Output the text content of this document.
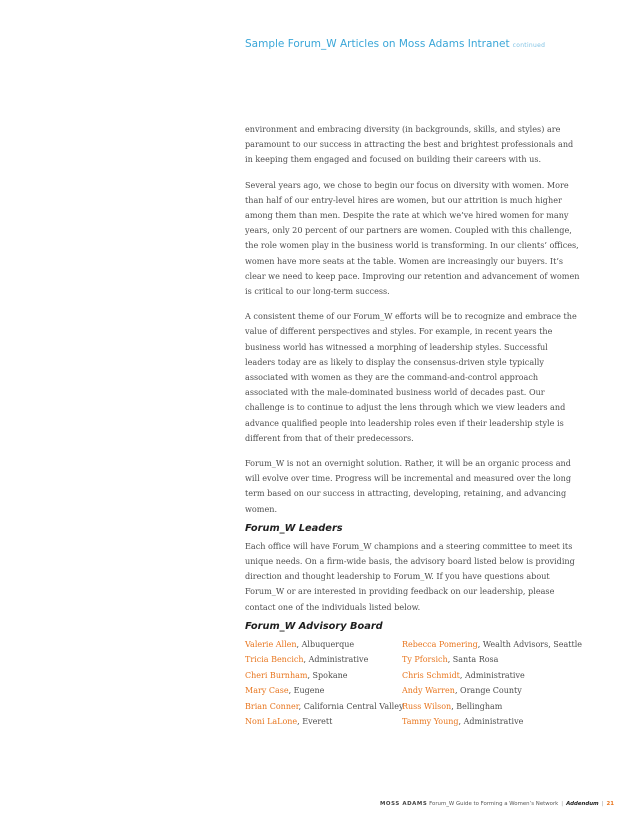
Sample Forum_W Articles on Moss Adams Intranet continued

environment and embracing diversity (in backgrounds, skills, and styles) are paramount to our success in attracting the best and brightest professionals and in keeping them engaged and focused on building their careers with us.

Several years ago, we chose to begin our focus on diversity with women. More than half of our entry-level hires are women, but our attrition is much higher among them than men. Despite the rate at which we’ve hired women for many years, only 20 percent of our partners are women. Coupled with this challenge, the role women play in the business world is transforming. In our clients’ offices, women have more seats at the table. Women are increasingly our buyers. It’s clear we need to keep pace. Improving our retention and advancement of women is critical to our long-term success.

A consistent theme of our Forum_W efforts will be to recognize and embrace the value of different perspectives and styles. For example, in recent years the business world has witnessed a morphing of leadership styles. Successful leaders today are as likely to display the consensus-driven style typically associated with women as they are the command-and-control approach associated with the male-dominated business world of decades past. Our challenge is to continue to adjust the lens through which we view leaders and advance qualified people into leadership roles even if their leadership style is different from that of their predecessors.

Forum_W is not an overnight solution. Rather, it will be an organic process and will evolve over time. Progress will be incremental and measured over the long term based on our success in attracting, developing, retaining, and advancing women.

Forum_W Leaders

Each office will have Forum_W champions and a steering committee to meet its unique needs. On a firm-wide basis, the advisory board listed below is providing direction and thought leadership to Forum_W. If you have questions about Forum_W or are interested in providing feedback on our leadership, please contact one of the individuals listed below.

Forum_W Advisory Board
Valerie Allen, Albuquerque
Tricia Bencich, Administrative
Cheri Burnham, Spokane
Mary Case, Eugene
Brian Conner, California Central Valley
Noni LaLone, Everett
Rebecca Pomering, Wealth Advisors, Seattle
Ty Pforsich, Santa Rosa
Chris Schmidt, Administrative
Andy Warren, Orange County
Russ Wilson, Bellingham
Tammy Young, Administrative
MOSS ADAMS Forum_W Guide to Forming a Women’s Network | Addendum | 21
